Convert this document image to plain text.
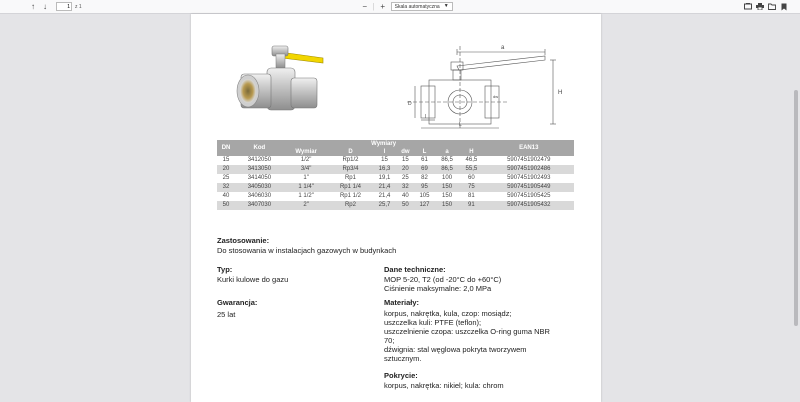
↑	↓
1	z 1	− | +	Skala automatyczna ▼
a
H
L
l
D
dw
DN	Kod	Wymiary							EAN13
		Wymiar	D	l	dw	L	a	H	
15	3412050	1/2"	Rp1/2	15	15	61	86,5	46,5	5907451902479
20	3413050	3/4"	Rp3/4	16,3	20	69	86,5	55,5	5907451902486
25	3414050	1"	Rp1	19,1	25	82	100	60	5907451902493
32	3405030	1 1/4"	Rp1 1/4	21,4	32	95	150	75	5907451905449
40	3406030	1 1/2"	Rp1 1/2	21,4	40	105	150	81	5907451905425
50	3407030	2"	Rp2	25,7	50	127	150	91	5907451905432
Zastosowanie:
Do stosowania w instalacjach gazowych w budynkach
Typ:
Kurki kulowe do gazu
Gwarancja:
25 lat
Dane techniczne:
MOP 5-20, T2 (od -20°C do +60°C)
Ciśnienie maksymalne: 2,0 MPa
Materiały:
korpus, nakrętka, kula, czop: mosiądz;
uszczelka kuli: PTFE (teflon);
uszczelnienie czopa: uszczelka O-ring guma NBR
70;
dźwignia: stal węglowa pokryta tworzywem
sztucznym.
Pokrycie:
korpus, nakrętka: nikiel; kula: chrom
